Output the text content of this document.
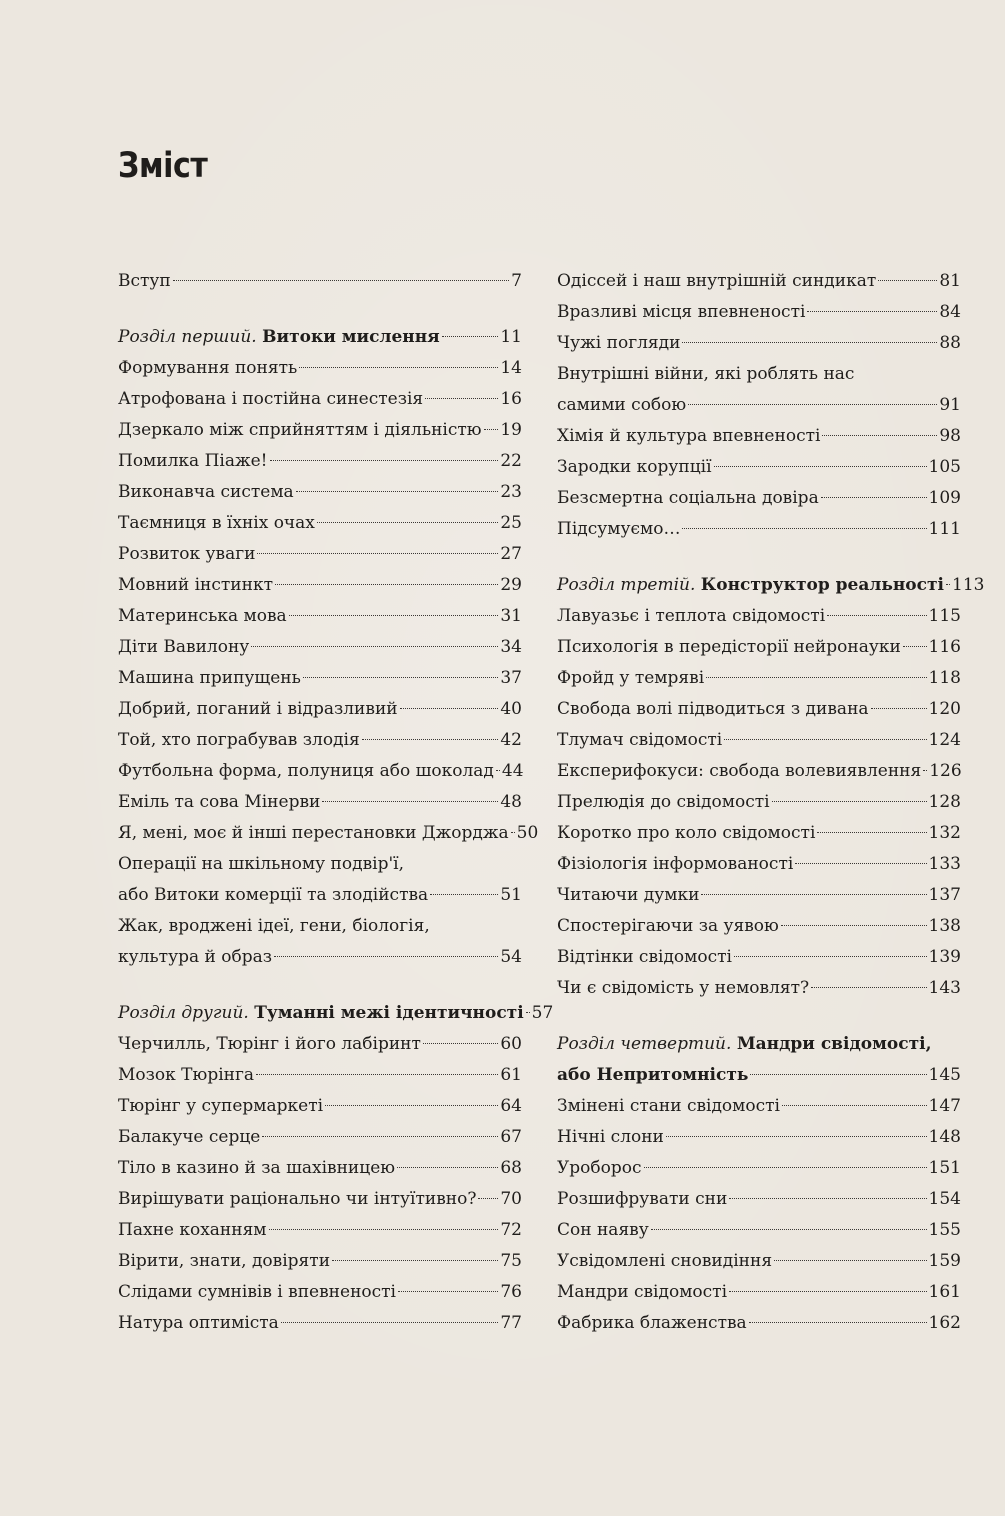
Зміст
Вступ	7
Розділ перший. Витоки мислення	11
Формування понять	14
Атрофована і постійна синестезія	16
Дзеркало між сприйняттям і діяльністю 19
Помилка Піаже!	22
Виконавча система	23
Таємниця в їхніх очах	25
Розвиток уваги	27
Мовний інстинкт	29
Материнська мова	31
Діти Вавилону	34
Машина припущень	37
Добрий, поганий і відразливий	40
Той, хто пограбував злодія	42
Футбольна форма, полуниця або шоколад 44
Еміль та сова Мінерви	48
Я, мені, моє й інші перестановки Джорджа 50
Операції на шкільному подвір'ї,
або Витоки комерції та злодійства	51
Жак, вроджені ідеї, гени, біологія,
культура й образ	54
Розділ другий. Туманні межі ідентичності 57
Черчилль, Тюрінг і його лабіринт	60
Мозок Тюрінга	61
Тюрінг у супермаркеті	64
Балакуче серце	67
Тіло в казино й за шахівницею	68
Вирішувати раціонально чи інтуїтивно? 70
Пахне коханням	72
Вірити, знати, довіряти	75
Слідами сумнівів і впевненості	76
Натура оптиміста	77
Одіссей і наш внутрішній синдикат	81
Вразливі місця впевненості	84
Чужі погляди	88
Внутрішні війни, які роблять нас
самими собою	91
Хімія й культура впевненості	98
Зародки корупції	105
Безсмертна соціальна довіра	109
Підсумуємо…	111
Розділ третій. Конструктор реальності 113
Лавуазьє і теплота свідомості	115
Психологія в передісторії нейронауки 116
Фройд у темряві	118
Свобода волі підводиться з дивана	120
Тлумач свідомості	124
Експерифокуси: свобода волевиявлення 126
Прелюдія до свідомості	128
Коротко про коло свідомості	132
Фізіологія інформованості	133
Читаючи думки	137
Спостерігаючи за уявою	138
Відтінки свідомості	139
Чи є свідомість у немовлят?	143
Розділ четвертий. Мандри свідомості,
або Непритомність	145
Змінені стани свідомості	147
Нічні слони	148
Уроборос	151
Розшифрувати сни	154
Сон наяву	155
Усвідомлені сновидіння	159
Мандри свідомості	161
Фабрика блаженства	162
